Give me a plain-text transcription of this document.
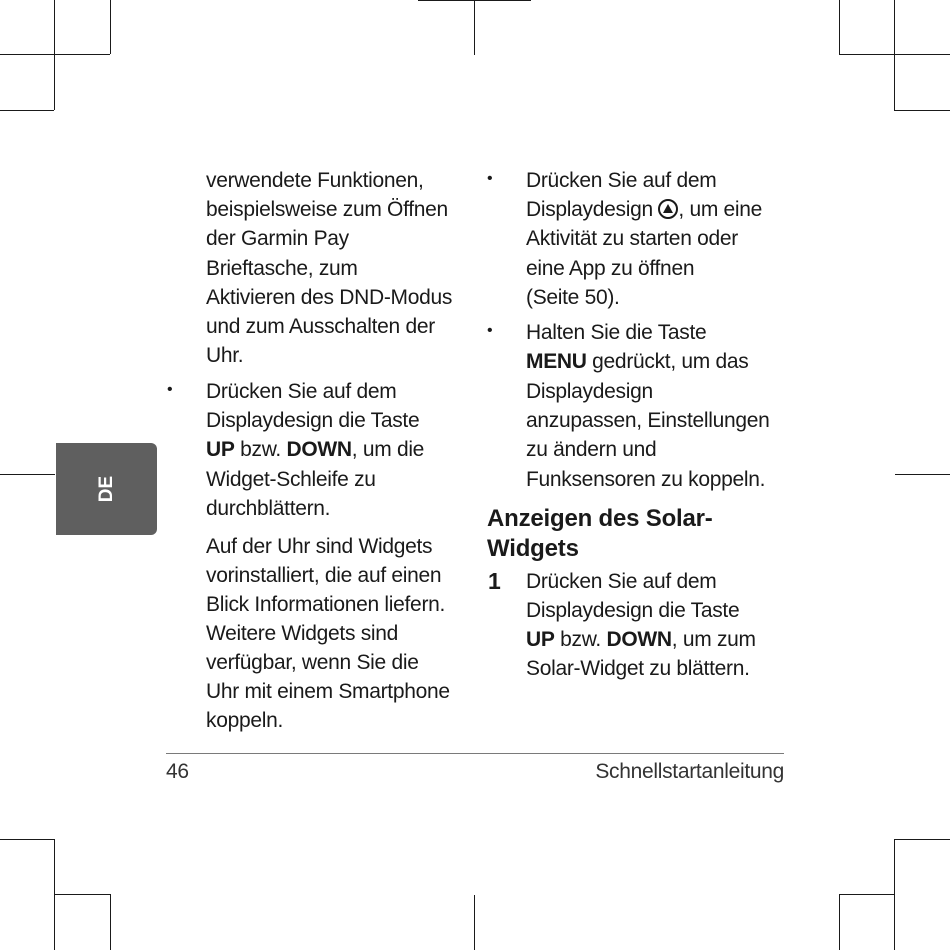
DE
verwendete Funktionen,
beispielsweise zum Öffnen
der Garmin Pay
Brieftasche, zum
Aktivieren des DND-Modus
und zum Ausschalten der
Uhr.
• Drücken Sie auf dem
Displaydesign die Taste
UP bzw. DOWN, um die
Widget-Schleife zu
durchblättern.
Auf der Uhr sind Widgets
vorinstalliert, die auf einen
Blick Informationen liefern.
Weitere Widgets sind
verfügbar, wenn Sie die
Uhr mit einem Smartphone
koppeln.
• Drücken Sie auf dem
Displaydesign , um eine
Aktivität zu starten oder
eine App zu öffnen
(Seite 50).
• Halten Sie die Taste
MENU gedrückt, um das
Displaydesign
anzupassen, Einstellungen
zu ändern und
Funksensoren zu koppeln.
Anzeigen des Solar-
Widgets
1 Drücken Sie auf dem
Displaydesign die Taste
UP bzw. DOWN, um zum
Solar-Widget zu blättern.
46	Schnellstartanleitung
